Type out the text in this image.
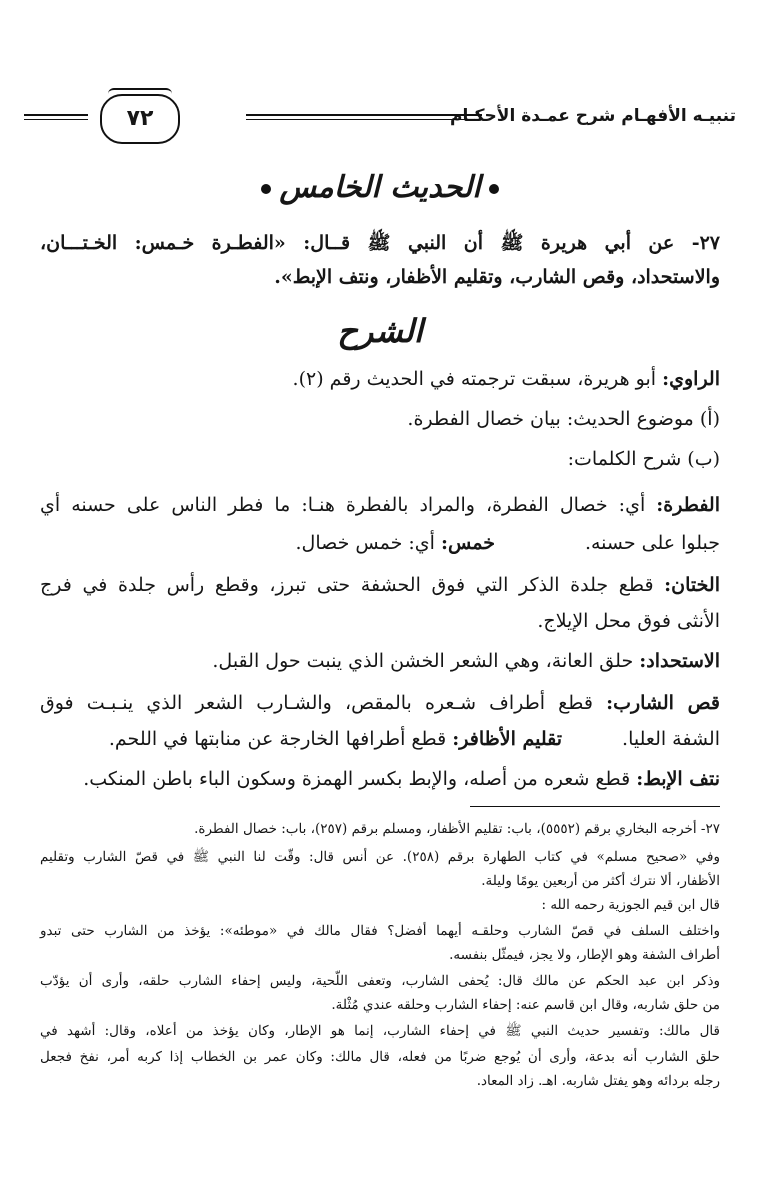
تنبيـه الأفهـام شرح عمـدة الأحكـام
٧٢
الحديث الخامس
٢٧- عن أبي هريرة ﷺ أن النبي ﷺ قــال: «الفطـرة خـمس: الخـتـــان،
والاستحداد، وقص الشارب، وتقليم الأظفار، ونتف الإبط».
الشرح
الراوي: أبو هريرة، سبقت ترجمته في الحديث رقم (٢).
(أ) موضوع الحديث: بيان خصال الفطرة.
(ب) شرح الكلمات:
الفطرة: أي: خصال الفطرة، والمراد بالفطرة هنـا: ما فطر الناس على حسنه أي
جبلوا على حسنه.خمس: أي: خمس خصال.
الختان: قطع جلدة الذكر التي فوق الحشفة حتى تبرز، وقطع رأس جلدة في فرج
الأنثى فوق محل الإيلاج.
الاستحداد: حلق العانة، وهي الشعر الخشن الذي ينبت حول القبل.
قص الشارب: قطع أطراف شـعره بالمقص، والشـارب الشعر الذي ينـبـت فوق
الشفة العليا.تقليم الأظافر: قطع أطرافها الخارجة عن منابتها في اللحم.
نتف الإبط: قطع شعره من أصله، والإبط بكسر الهمزة وسكون الباء باطن المنكب.
٢٧- أخرجه البخاري برقم (٥٥٥٢)، باب: تقليم الأظفار، ومسلم برقم (٢٥٧)، باب: خصال الفطرة.
وفي «صحيح مسلم» في كتاب الطهارة برقم (٢٥٨). عن أنس قال: وقّت لنا النبي ﷺ في قصّ الشارب وتقليم
الأظفار، ألا نترك أكثر من أربعين يومًا وليلة.
قال ابن قيم الجوزية رحمه الله :
واختلف السلف في قصّ الشارب وحلقـه أيهما أفضل؟ فقال مالك في «موطئه»: يؤخذ من الشارب حتى تبدو
أطراف الشفة وهو الإطار، ولا يجز، فيمثّل بنفسه.
وذكر ابن عبد الحكم عن مالك قال: يُحفى الشارب، وتعفى اللّحية، وليس إحفاء الشارب حلقه، وأرى أن يؤدّب
من حلق شاربه، وقال ابن قاسم عنه: إحفاء الشارب وحلقه عندي مُثْلة.
قال مالك: وتفسير حديث النبي ﷺ في إحفاء الشارب، إنما هو الإطار، وكان يؤخذ من أعلاه، وقال: أشهد في
حلق الشارب أنه بدعة، وأرى أن يُوجع ضربًا من فعله، قال مالك: وكان عمر بن الخطاب إذا كربه أمر، نفخ فجعل
رجله بردائه وهو يفتل شاربه. اهـ. زاد المعاد.
